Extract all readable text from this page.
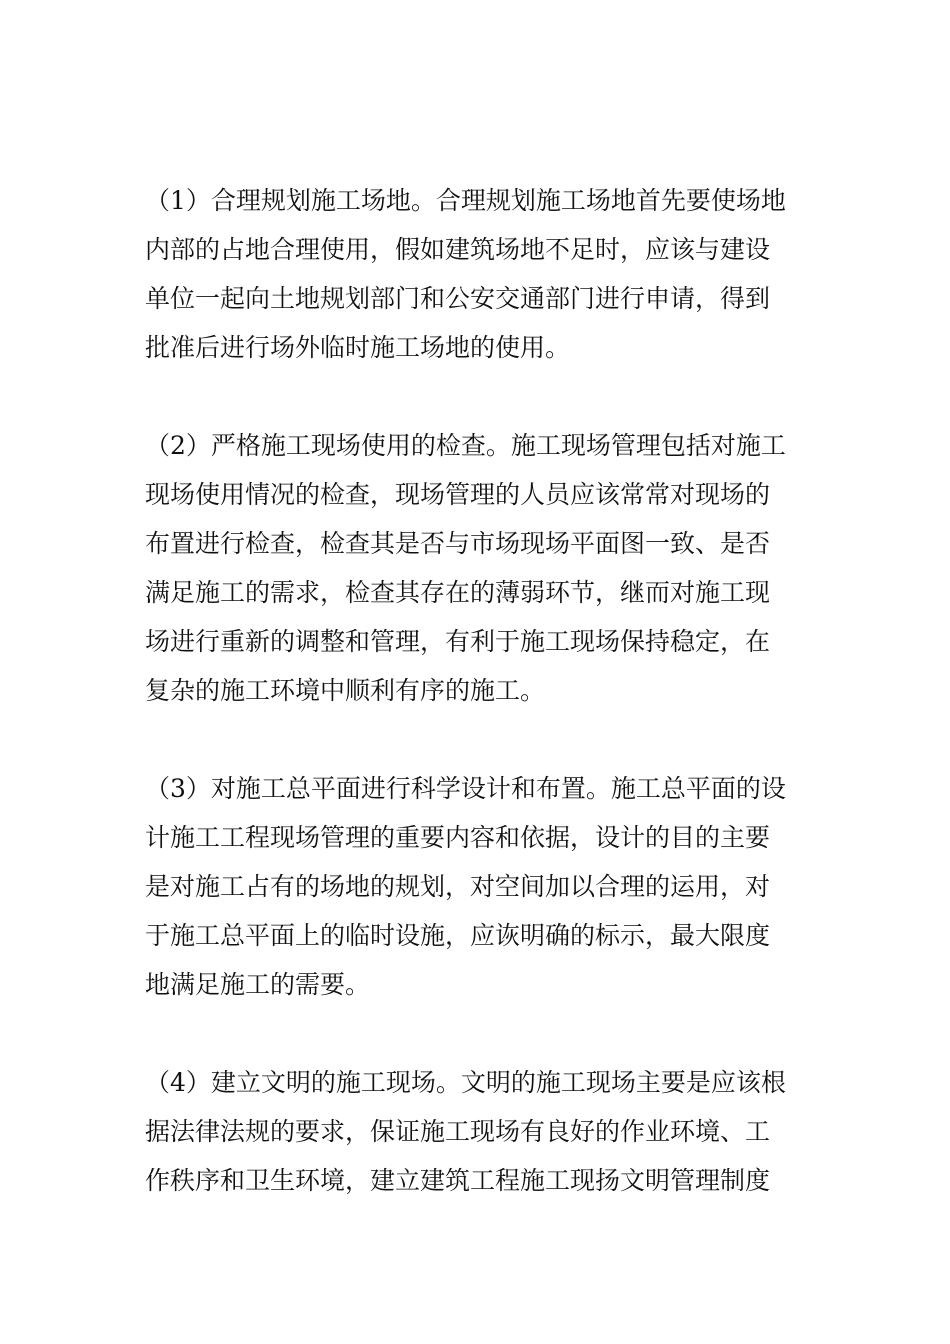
（1）合理规划施工场地。合理规划施工场地首先要使场地
内部的占地合理使用，假如建筑场地不足时，应该与建设
单位一起向土地规划部门和公安交通部门进行申请，得到
批准后进行场外临时施工场地的使用。
（2）严格施工现场使用的检查。施工现场管理包括对施工
现场使用情况的检查，现场管理的人员应该常常对现场的
布置进行检查，检查其是否与市场现场平面图一致、是否
满足施工的需求，检查其存在的薄弱环节，继而对施工现
场进行重新的调整和管理，有利于施工现场保持稳定，在
复杂的施工环境中顺利有序的施工。
（3）对施工总平面进行科学设计和布置。施工总平面的设
计施工工程现场管理的重要内容和依据，设计的目的主要
是对施工占有的场地的规划，对空间加以合理的运用，对
于施工总平面上的临时设施，应诙明确的标示，最大限度
地满足施工的需要。
（4）建立文明的施工现场。文明的施工现场主要是应该根
据法律法规的要求，保证施工现场有良好的作业环境、工
作秩序和卫生环境，建立建筑工程施工现扬文明管理制度
